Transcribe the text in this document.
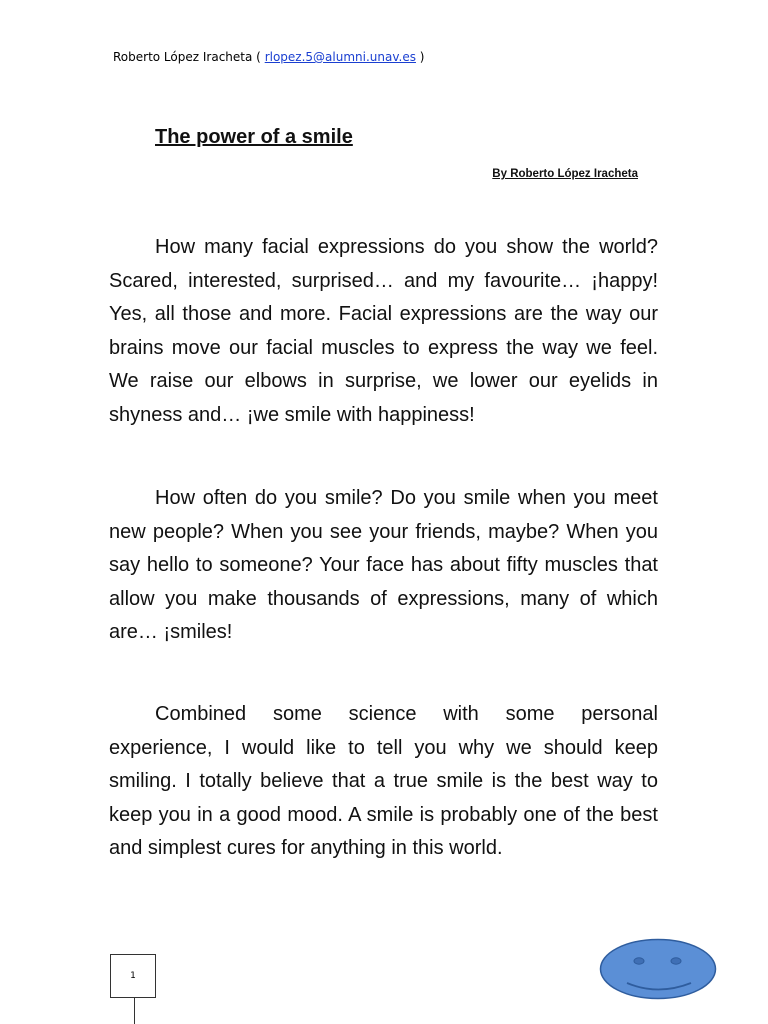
Roberto López Iracheta ( rlopez.5@alumni.unav.es )
The power of a smile
By Roberto López Iracheta

How many facial expressions do you show the world? Scared, interested, surprised… and my favourite… ¡happy! Yes, all those and more. Facial expressions are the way our brains move our facial muscles to express the way we feel. We raise our elbows in surprise, we lower our eyelids in shyness and… ¡we smile with happiness!

How often do you smile? Do you smile when you meet new people? When you see your friends, maybe? When you say hello to someone? Your face has about fifty muscles that allow you make thousands of expressions, many of which are… ¡smiles!

Combined some science with some personal experience, I would like to tell you why we should keep smiling. I totally believe that a true smile is the best way to keep you in a good mood. A smile is probably one of the best and simplest cures for anything in this world.

1
